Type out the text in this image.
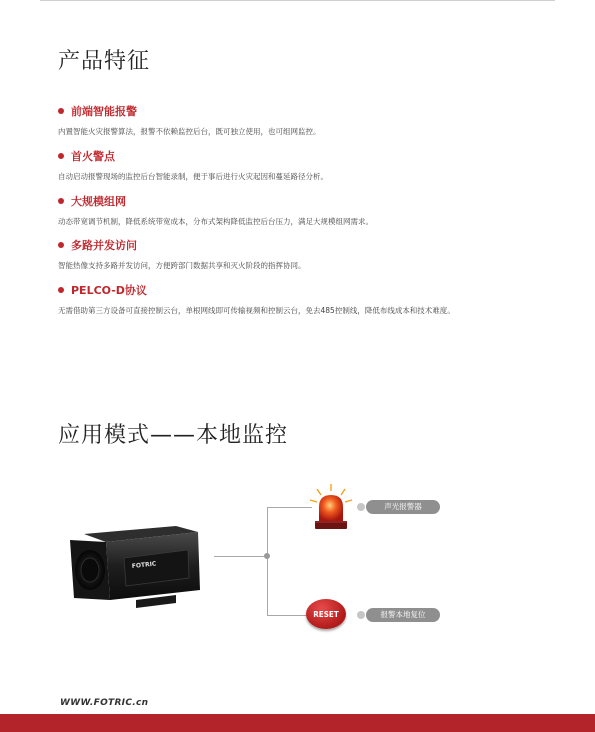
产品特征
前端智能报警
内置智能火灾报警算法，报警不依赖监控后台，既可独立使用，也可组网监控。
首火警点
自动启动报警现场的监控后台智能录制，便于事后进行火灾起因和蔓延路径分析。
大规模组网
动态带宽调节机制，降低系统带宽成本，分布式架构降低监控后台压力，满足大规模组网需求。
多路并发访问
智能热像支持多路并发访问，方便跨部门数据共享和灭火阶段的指挥协同。
PELCO-D协议
无需借助第三方设备可直接控制云台，单根网线即可传输视频和控制云台，免去485控制线，降低布线成本和技术难度。
应用模式——本地监控
FOTRIC
声光报警器
RESET	报警本地复位
WWW.FOTRIC.cn
